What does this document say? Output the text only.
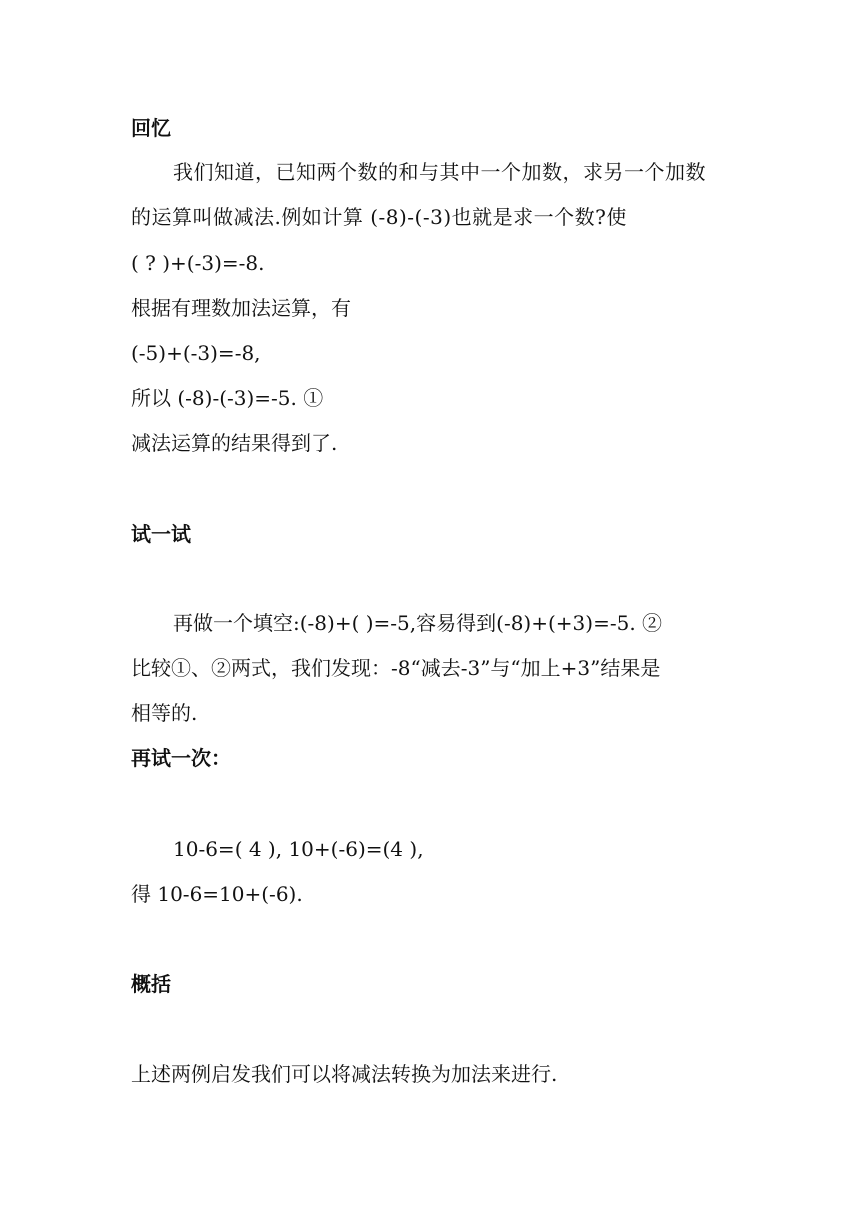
回忆
我们知道，已知两个数的和与其中一个加数，求另一个加数
的运算叫做减法.例如计算 (-8)-(-3)也就是求一个数?使
( ? )+(-3)=-8.
根据有理数加法运算，有
(-5)+(-3)=-8,
所以 (-8)-(-3)=-5. ①
减法运算的结果得到了.
试一试
再做一个填空:(-8)+( )=-5,容易得到(-8)+(+3)=-5. ②
比较①、②两式，我们发现：-8“减去-3”与“加上+3”结果是
相等的.
再试一次：
10-6=( 4 ), 10+(-6)=(4 ),
得 10-6=10+(-6).
概括
上述两例启发我们可以将减法转换为加法来进行.
